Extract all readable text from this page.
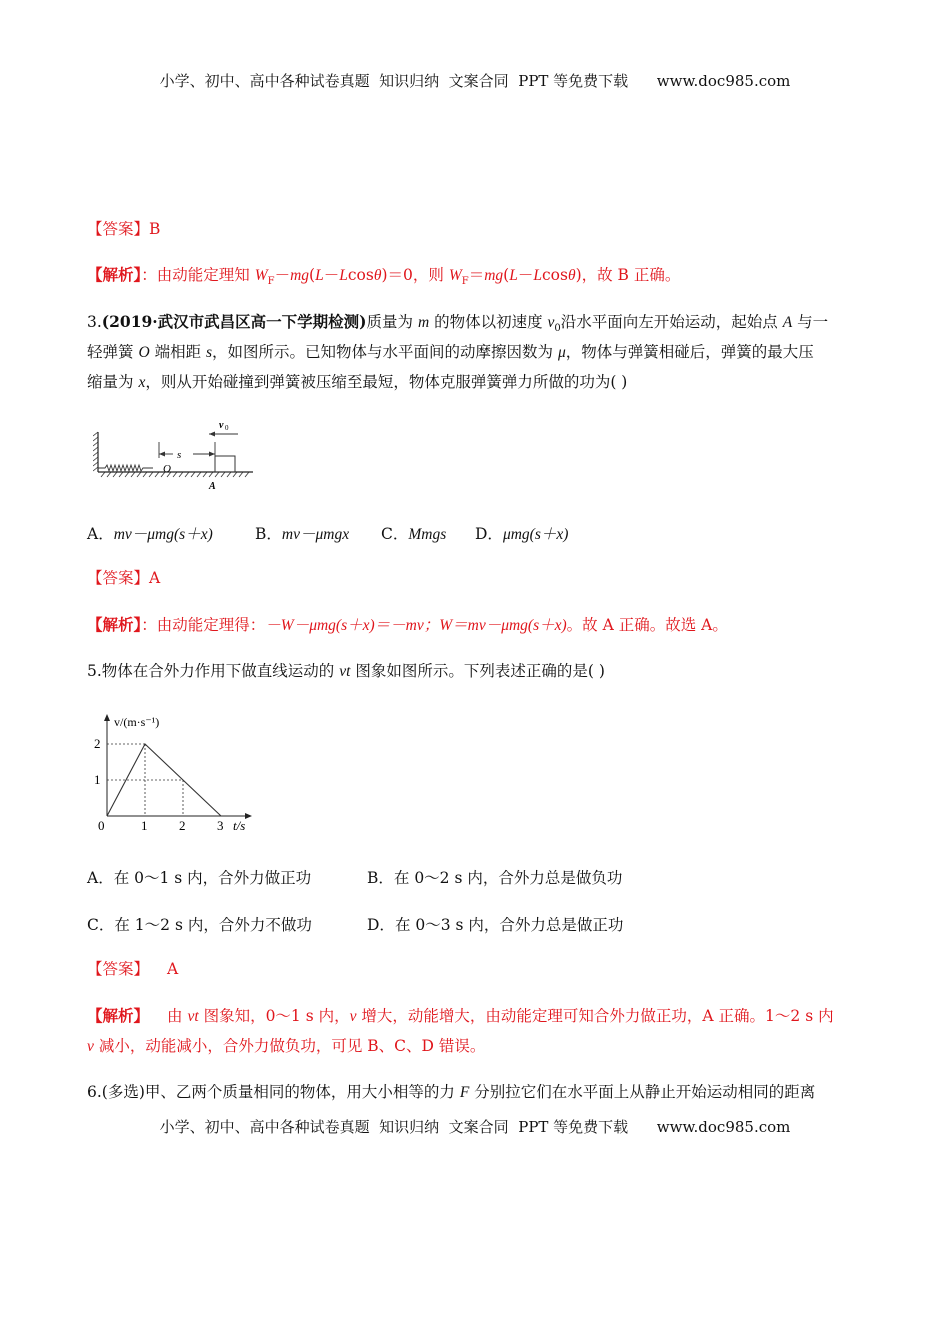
小学、初中、高中各种试卷真题  知识归纳  文案合同  PPT 等免费下载      www.doc985.com
【答案】B
【解析】：由动能定理知 $W_F-mg(L-Lcos\theta)=0$，则 $W_F=mg(L-Lcos\theta)$，故 B 正确。
3.(2019·武汉市武昌区高一下学期检测)质量为 m 的物体以初速度 $v_0$沿水平面向左开始运动，起始点 A 与一
轻弹簧 O 端相距 s，如图所示。已知物体与水平面间的动摩擦因数为 μ，物体与弹簧相碰后，弹簧的最大压
缩量为 x，则从开始碰撞到弹簧被压缩至最短，物体克服弹簧弹力所做的功为( )
O
s
v 0
A
A．mv－μmg(s＋x)	B．mv－μmgx C．Mmgs D．μmg(s＋x)
【答案】A
【解析】：由动能定理得：－W－μmg(s＋x)＝－mv；W＝mv－μmg(s＋x)。故 A 正确。故选 A。
5.物体在合外力作用下做直线运动的 vt 图象如图所示。下列表述正确的是( )
v/(m·s⁻¹)
2
1
0	1 2 3 t/s
A．在 0～1 s 内，合外力做正功	B．在 0～2 s 内，合外力总是做负功
C．在 1～2 s 内，合外力不做功	D．在 0～3 s 内，合外力总是做正功
【答案】 A
【解析】 由 vt 图象知，0～1 s 内，v 增大，动能增大，由动能定理可知合外力做正功，A 正确。1～2 s 内
v 减小，动能减小，合外力做负功，可见 B、C、D 错误。
6.(多选)甲、乙两个质量相同的物体，用大小相等的力 F 分别拉它们在水平面上从静止开始运动相同的距离
小学、初中、高中各种试卷真题  知识归纳  文案合同  PPT 等免费下载      www.doc985.com
